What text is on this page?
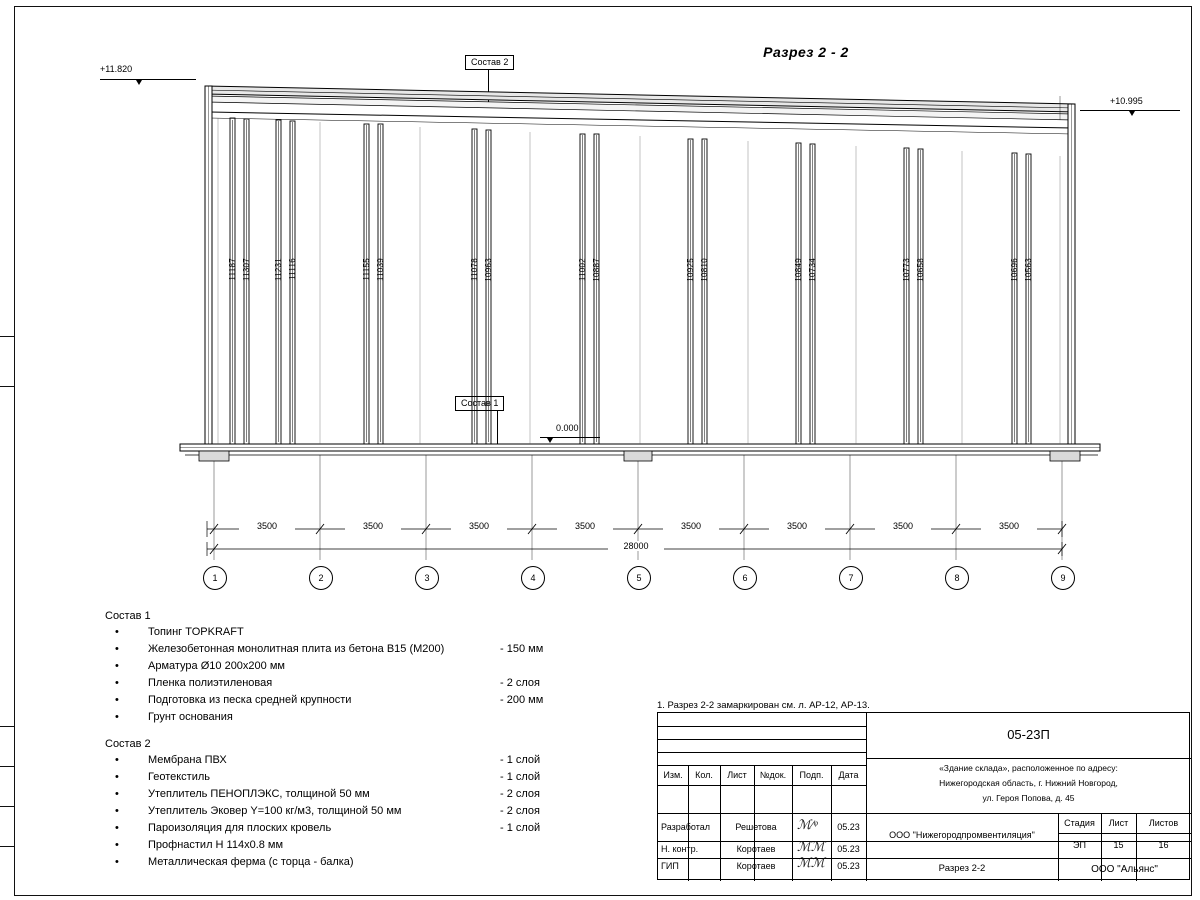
Разрез 2 - 2
+11.820
+10.995
0.000
Состав 2
Состав 1
11187 11307	11231 11116	11155 11039	11078 10963	11002 10887	10925 10810	10849 10734	10773 10658	10696 10563
3500	3500	3500	3500	3500	3500	3500	3500
28000
1	2	3	4	5	6	7	8	9
Состав 1
•	Топинг TOPKRAFT
•	Железобетонная монолитная плита из бетона В15 (М200)	- 150 мм
•	Арматура Ø10 200х200 мм
•	Пленка полиэтиленовая	- 2 слоя
•	Подготовка из песка средней крупности	- 200 мм
•	Грунт основания
Состав 2
•	Мембрана ПВХ	- 1 слой
•	Геотекстиль	- 1 слой
•	Утеплитель ПЕНОПЛЭКС, толщиной 50 мм	- 2 слоя
•	Утеплитель Эковер Y=100 кг/м3, толщиной 50 мм	- 2 слоя
•	Пароизоляция для плоских кровель	- 1 слой
•	Профнастил Н 114х0.8 мм
•	Металлическая ферма (с торца - балка)
1. Разрез 2-2 замаркирован см. л. АР-12, АР-13.
05-23П
«Здание склада», расположенное по адресу:
Нижегородская область, г. Нижний Новгород,
ул. Героя Попова, д. 45
Изм.	Кол.	Лист	№док.	Подп.	Дата
Разработал	Решетова	05.23
Н. контр.	Коротаев	05.23
ГИП	Коротаев	05.23
ℳ⁄ᵠ
ℳℳ
ℳℳ
ООО "Нижегородпромвентиляция"
Разрез 2-2
Стадия	Лист	Листов
ЭП	15	16
ООО "Альянс"
